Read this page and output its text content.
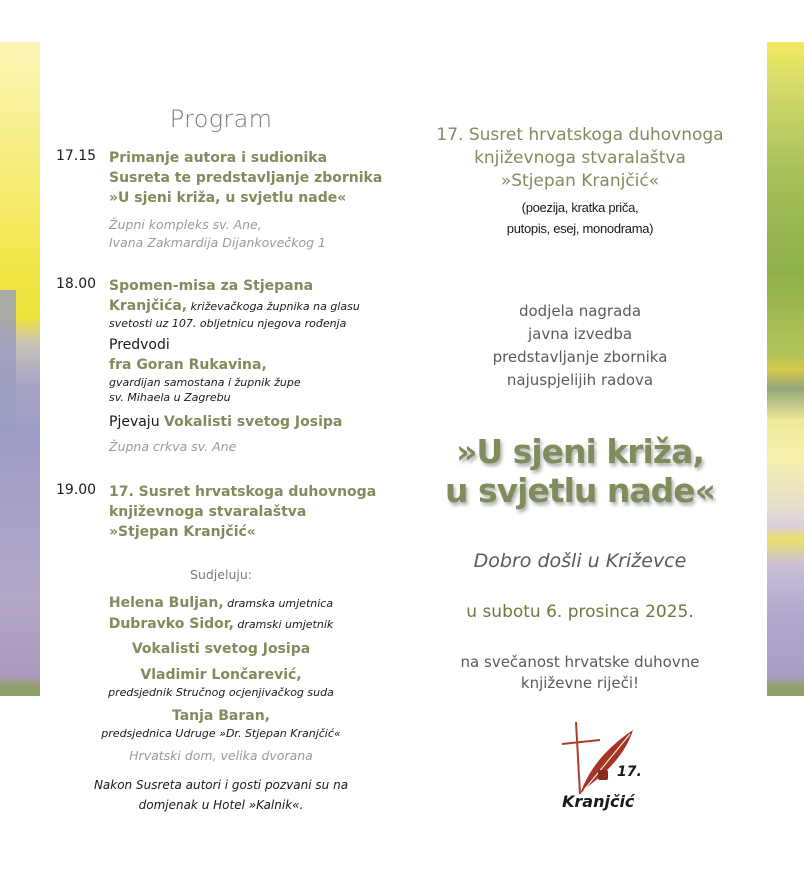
Program
17.15 Primanje autora i sudionika
Susreta te predstavljanje zbornika
»U sjeni križa, u svjetlu nade«
Župni kompleks sv. Ane,
Ivana Zakmardija Dijankovečkog 1
18.00 Spomen-misa za Stjepana
Kranjčića, križevačkoga župnika na glasu
svetosti uz 107. obljetnicu njegova rođenja
Predvodi
fra Goran Rukavina,
gvardijan samostana i župnik župe
sv. Mihaela u Zagrebu
Pjevaju Vokalisti svetog Josipa
Župna crkva sv. Ane
19.00 17. Susret hrvatskoga duhovnoga
književnoga stvaralaštva
»Stjepan Kranjčić«
Sudjeluju:
Helena Buljan, dramska umjetnica
Dubravko Sidor, dramski umjetnik
Vokalisti svetog Josipa
Vladimir Lončarević,
predsjednik Stručnog ocjenjivačkog suda
Tanja Baran,
predsjednica Udruge »Dr. Stjepan Kranjčić«
Hrvatski dom, velika dvorana
Nakon Susreta autori i gosti pozvani su na
domjenak u Hotel »Kalnik«.
17. Susret hrvatskoga duhovnoga
književnoga stvaralaštva
»Stjepan Kranjčić«
(poezija, kratka priča,
putopis, esej, monodrama)
dodjela nagrada
javna izvedba
predstavljanje zbornika
najuspjelijih radova
»U sjeni križa,
u svjetlu nade«
Dobro došli u Križevce
u subotu 6. prosinca 2025.
na svečanost hrvatske duhovne
književne riječi!
17.
Kranjčić
